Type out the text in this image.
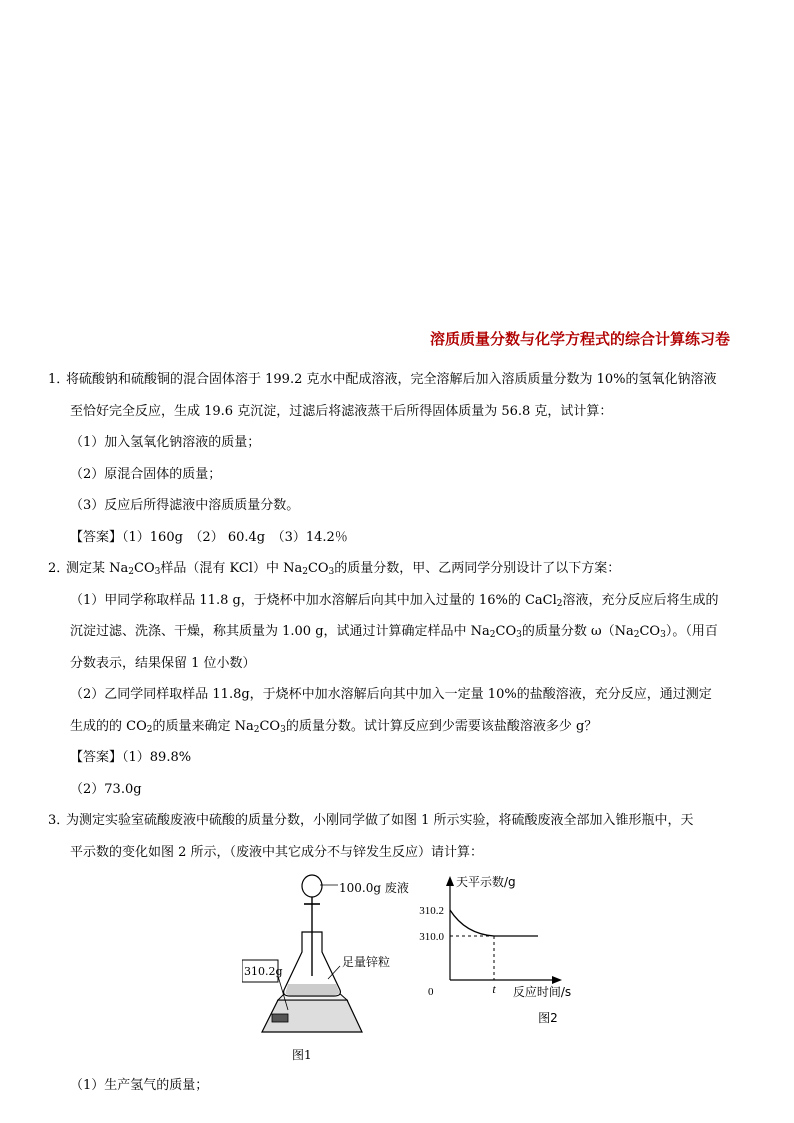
溶质质量分数与化学方程式的综合计算练习卷
1．将硫酸钠和硫酸铜的混合固体溶于 199.2 克水中配成溶液，完全溶解后加入溶质质量分数为 10%的氢氧化钠溶液
至恰好完全反应，生成 19.6 克沉淀，过滤后将滤液蒸干后所得固体质量为 56.8 克，试计算：
（1）加入氢氧化钠溶液的质量；
（2）原混合固体的质量；
（3）反应后所得滤液中溶质质量分数。
【答案】（1）160g　（2） 60.4g　（3）14.2％
2．测定某 $Na_2CO_3$样品（混有 KCl）中 $Na_2CO_3$的质量分数，甲、乙两同学分别设计了以下方案：
（1）甲同学称取样品 11.8 g，于烧杯中加水溶解后向其中加入过量的 16%的 CaCl$_2$溶液，充分反应后将生成的
沉淀过滤、洗涤、干燥，称其质量为 1.00 g，试通过计算确定样品中 $Na_2CO_3$的质量分数 $\omega(Na_2CO_3)$。（用百
分数表示，结果保留 1 位小数）
（2）乙同学同样取样品 11.8g，于烧杯中加水溶解后向其中加入一定量 10%的盐酸溶液，充分反应，通过测定
生成的的 $CO_2$的质量来确定 $Na_2CO_3$的质量分数。试计算反应到少需要该盐酸溶液多少 g？
【答案】（1）89.8%
（2）73.0g
3．为测定实验室硫酸废液中硫酸的质量分数，小刚同学做了如图 1 所示实验，将硫酸废液全部加入锥形瓶中，天
平示数的变化如图 2 所示，（废液中其它成分不与锌发生反应）请计算：
100.0g 废液
足量锌粒
310.2g
图1
310.2
310.0
t
0
天平示数/g
反应时间/s
图2
（1）生产氢气的质量；
